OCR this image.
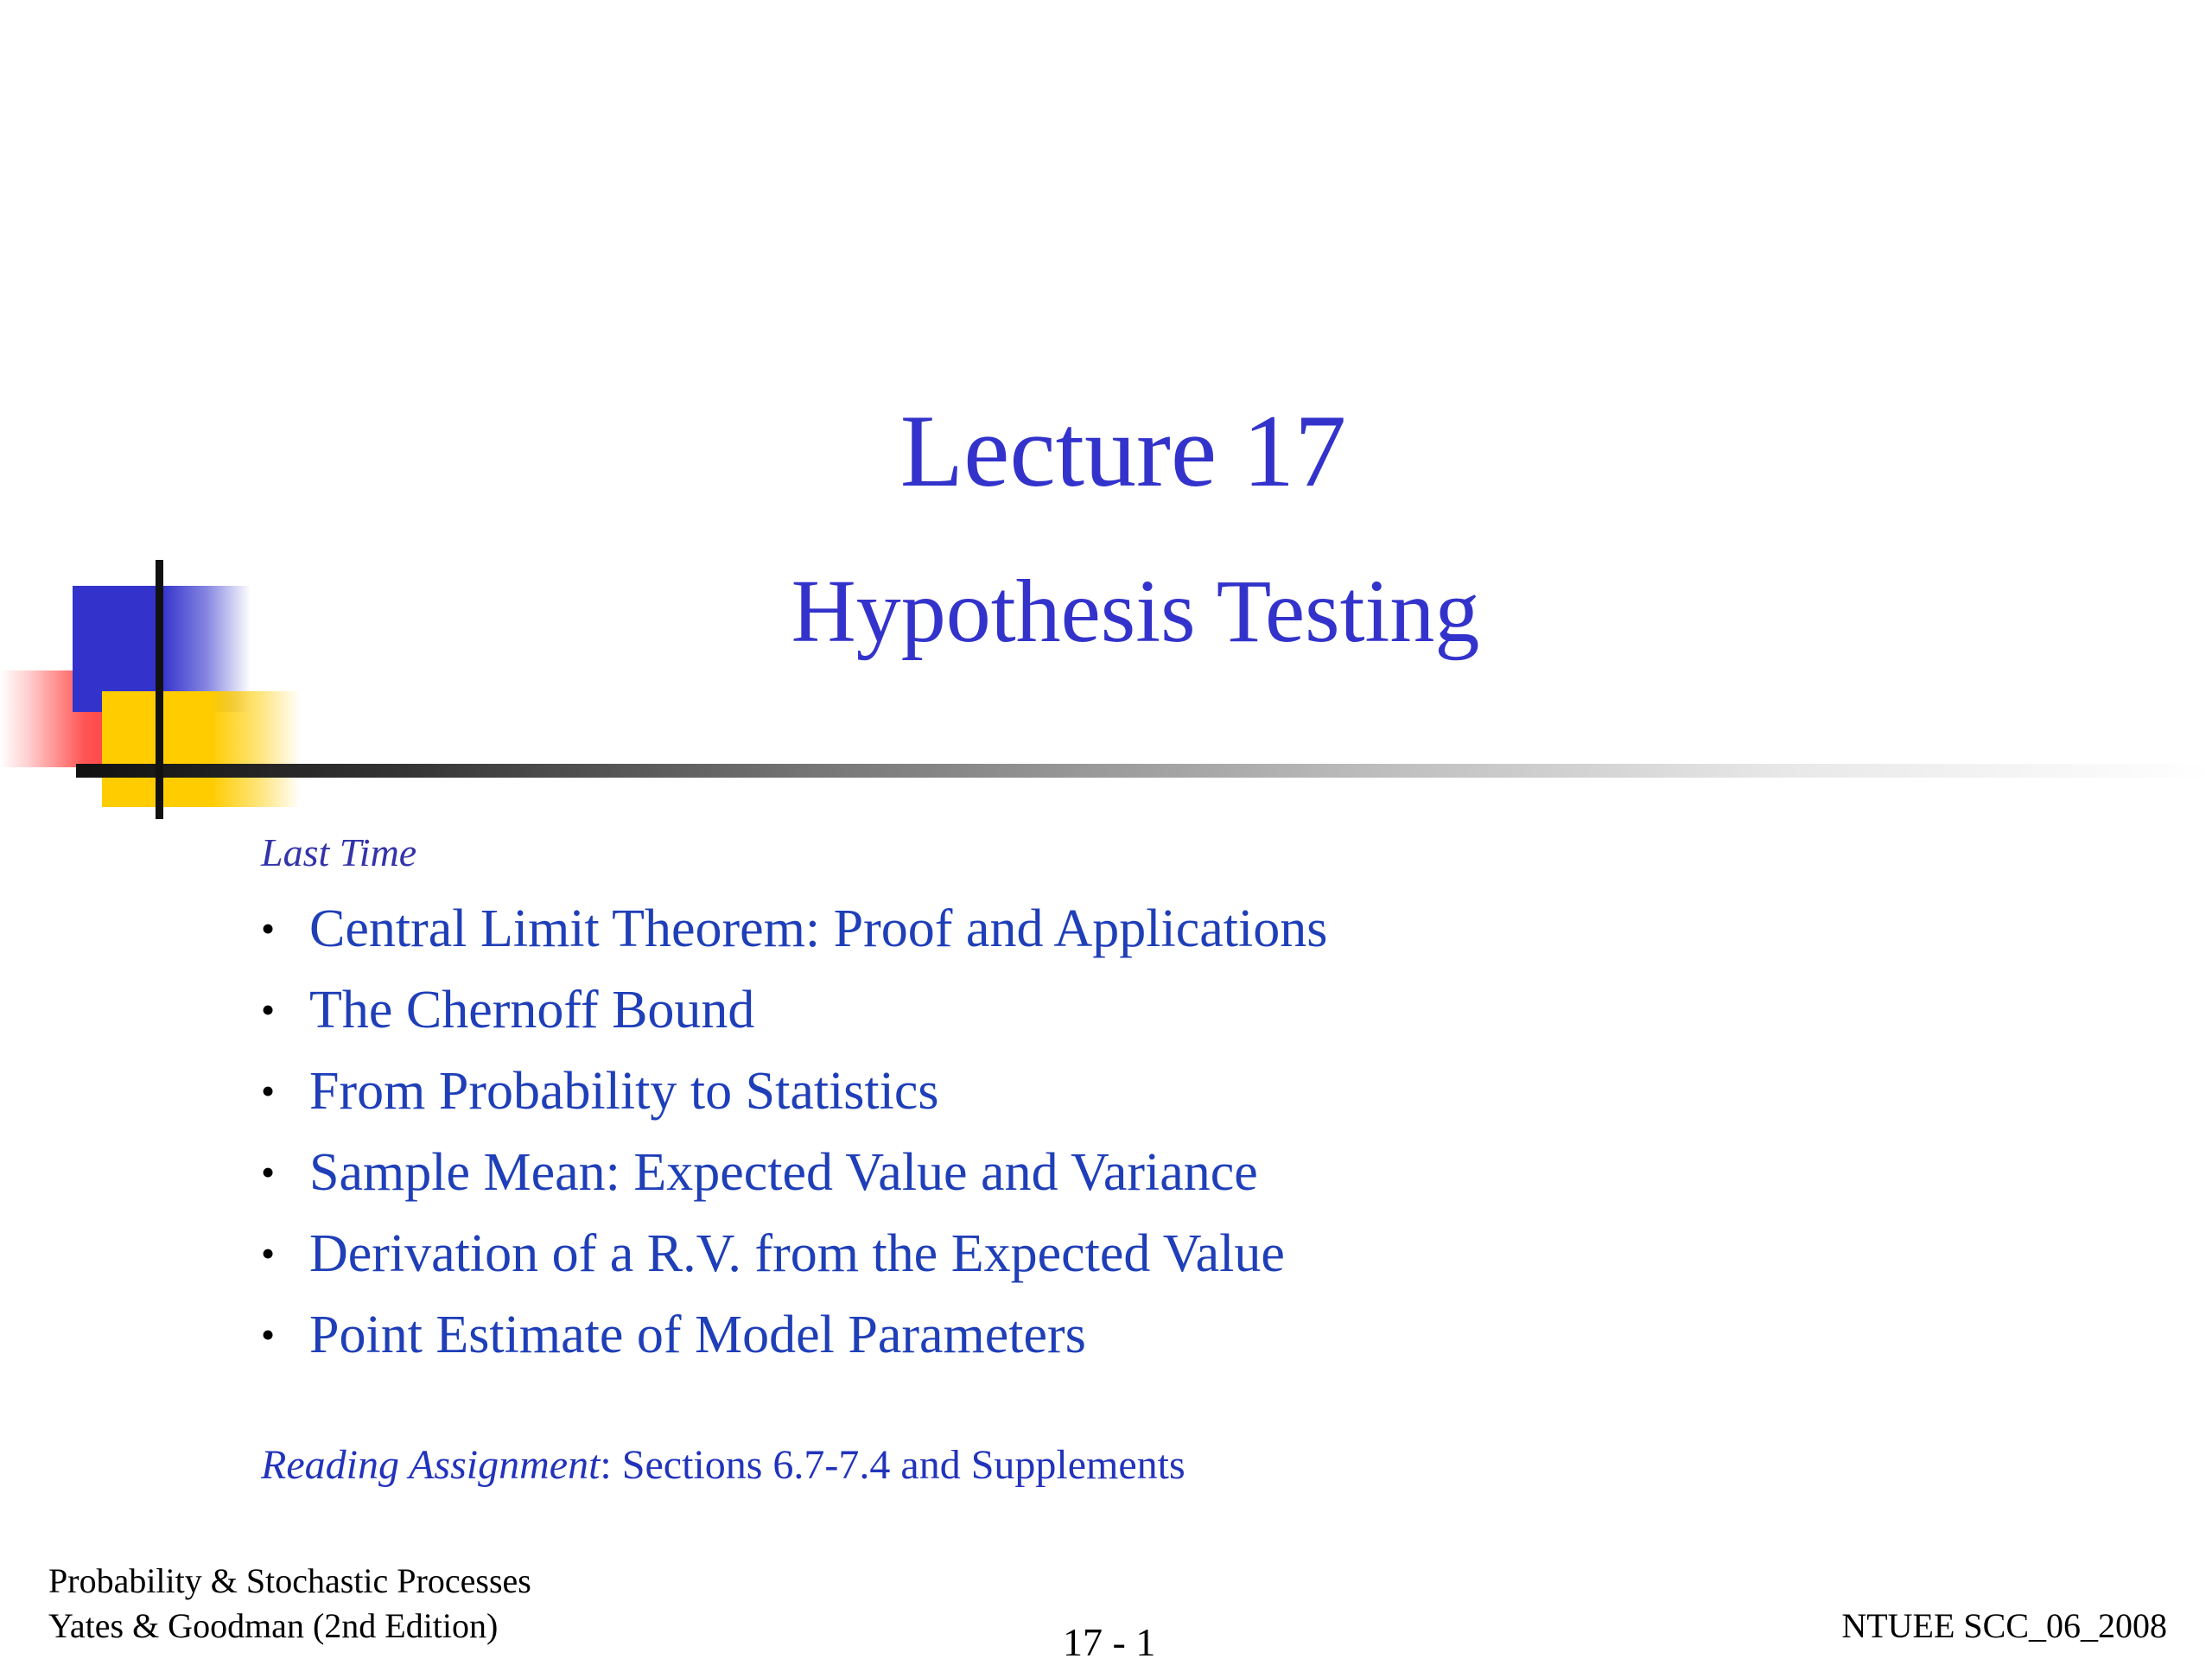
Lecture 17
Hypothesis Testing
Last Time
• Central Limit Theorem: Proof and Applications
• The Chernoff Bound
• From Probability to Statistics
• Sample Mean: Expected Value and Variance
• Derivation of a R.V. from the Expected Value
• Point Estimate of Model Parameters
Reading Assignment: Sections 6.7-7.4 and Supplements
Probability & Stochastic Processes
Yates & Goodman (2nd Edition)	17 - 1	NTUEE SCC_06_2008
